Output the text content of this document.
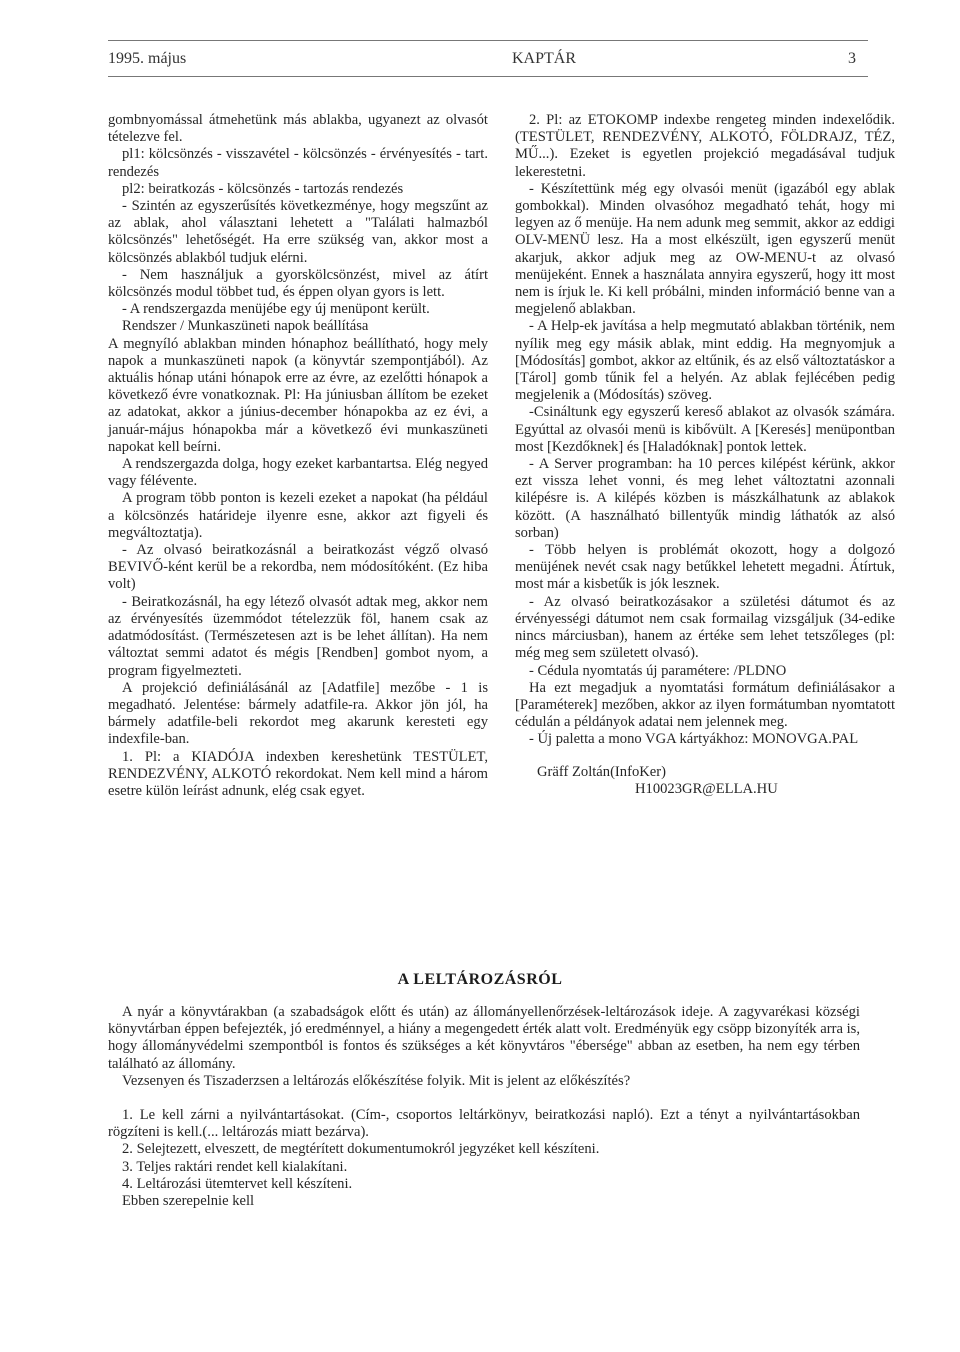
1995. május	KAPTÁR	3

gombnyomással átmehetünk más ablakba, ugyanezt az olvasót tételezve fel.

pl1: kölcsönzés - visszavétel - kölcsönzés - érvényesítés - tart. rendezés

pl2: beiratkozás - kölcsönzés - tartozás rendezés

- Szintén az egyszerűsítés következménye, hogy megszűnt az az ablak, ahol választani lehetett a "Találati halmazból kölcsönzés" lehetőségét. Ha erre szükség van, akkor most a kölcsönzés ablakból tudjuk elérni.

- Nem használjuk a gyorskölcsönzést, mivel az átírt kölcsönzés modul többet tud, és éppen olyan gyors is lett.

- A rendszergazda menüjébe egy új menüpont került.

Rendszer / Munkaszüneti napok beállítása

A megnyíló ablakban minden hónaphoz beállítható, hogy mely napok a munkaszüneti napok (a könyvtár szempontjából). Az aktuális hónap utáni hónapok erre az évre, az ezelőtti hónapok a következő évre vonatkoznak. Pl: Ha júniusban állítom be ezeket az adatokat, akkor a június-december hónapokba az ez évi, a január-május hónapokba már a következő évi munkaszüneti napokat kell beírni.

A rendszergazda dolga, hogy ezeket karbantartsa. Elég negyed vagy félévente.

A program több ponton is kezeli ezeket a napokat (ha például a kölcsönzés határideje ilyenre esne, akkor azt figyeli és megváltoztatja).

- Az olvasó beiratkozásnál a beiratkozást végző olvasó BEVIVŐ-ként kerül be a rekordba, nem módosítóként. (Ez hiba volt)

- Beiratkozásnál, ha egy létező olvasót adtak meg, akkor nem az érvényesítés üzemmódot tételezzük föl, hanem csak az adatmódosítást. (Természetesen azt is be lehet állítan). Ha nem változtat semmi adatot és mégis [Rendben] gombot nyom, a program figyelmezteti.

A projekció definiálásánál az [Adatfile] mezőbe - 1 is megadható. Jelentése: bármely adatfile-ra. Akkor jön jól, ha bármely adatfile-beli rekordot meg akarunk keresteti egy indexfile-ban.

1. Pl: a KIADÓJA indexben kereshetünk TESTÜLET, RENDEZVÉNY, ALKOTÓ rekordokat. Nem kell mind a három esetre külön leírást adnunk, elég csak egyet.

2. Pl: az ETOKOMP indexbe rengeteg minden indexelődik. (TESTÜLET, RENDEZVÉNY, ALKOTÓ, FÖLDRAJZ, TÉZ, MŰ...). Ezeket is egyetlen projekció megadásával tudjuk lekerestetni.

- Készítettünk még egy olvasói menüt (igazából egy ablak gombokkal). Minden olvasóhoz megadható tehát, hogy mi legyen az ő menüje. Ha nem adunk meg semmit, akkor az eddigi OLV-MENÜ lesz. Ha a most elkészült, igen egyszerű menüt akarjuk, akkor adjuk meg az OW-MENU-t az olvasó menüjeként. Ennek a használata annyira egyszerű, hogy itt most nem is írjuk le. Ki kell próbálni, minden információ benne van a megjelenő ablakban.

- A Help-ek javítása a help megmutató ablakban történik, nem nyílik meg egy másik ablak, mint eddig. Ha megnyomjuk a [Módosítás] gombot, akkor az eltűnik, és az első változtatáskor a [Tárol] gomb tűnik fel a helyén. Az ablak fejlécében pedig megjelenik a (Módosítás) szöveg.

-Csináltunk egy egyszerű kereső ablakot az olvasók számára. Egyúttal az olvasói menü is kibővült. A [Keresés] menüpontban most [Kezdőknek] és [Haladóknak] pontok lettek.

- A Server programban: ha 10 perces kilépést kérünk, akkor ezt vissza lehet vonni, és meg lehet változtatni azonnali kilépésre is. A kilépés közben is mászkálhatunk az ablakok között. (A használható billentyűk mindig láthatók az alsó sorban)

- Több helyen is problémát okozott, hogy a dolgozó menüjének nevét csak nagy betűkkel lehetett megadni. Átírtuk, most már a kisbetűk is jók lesznek.

- Az olvasó beiratkozásakor a születési dátumot és az érvényességi dátumot nem csak formailag vizsgáljuk (34-edike nincs márciusban), hanem az értéke sem lehet tetszőleges (pl: még meg sem született olvasó).

- Cédula nyomtatás új paramétere: /PLDNO

Ha ezt megadjuk a nyomtatási formátum definiálásakor a [Paraméterek] mezőben, akkor az ilyen formátumban nyomtatott cédulán a példányok adatai nem jelennek meg.

- Új paletta a mono VGA kártyákhoz: MONOVGA.PAL

Gräff Zoltán(InfoKer)
H10023GR@ELLA.HU

A LELTÁROZÁSRÓL

A nyár a könyvtárakban (a szabadságok előtt és után) az állományellenőrzések-leltározások ideje. A zagyvarékasi községi könyvtárban éppen befejezték, jó eredménnyel, a hiány a megengedett érték alatt volt. Eredményük egy csöpp bizonyíték arra is, hogy állományvédelmi szempontból is fontos és szükséges a két könyvtáros "ébersége" abban az esetben, ha nem egy térben található az állomány.

Vezsenyen és Tiszaderzsen a leltározás előkészítése folyik. Mit is jelent az előkészítés?

1. Le kell zárni a nyilvántartásokat. (Cím-, csoportos leltárkönyv, beiratkozási napló). Ezt a tényt a nyilvántartásokban rögzíteni is kell.(... leltározás miatt bezárva).

2. Selejtezett, elveszett, de megtérített dokumentumokról jegyzéket kell készíteni.

3. Teljes raktári rendet kell kialakítani.

4. Leltározási ütemtervet kell készíteni.

Ebben szerepelnie kell
